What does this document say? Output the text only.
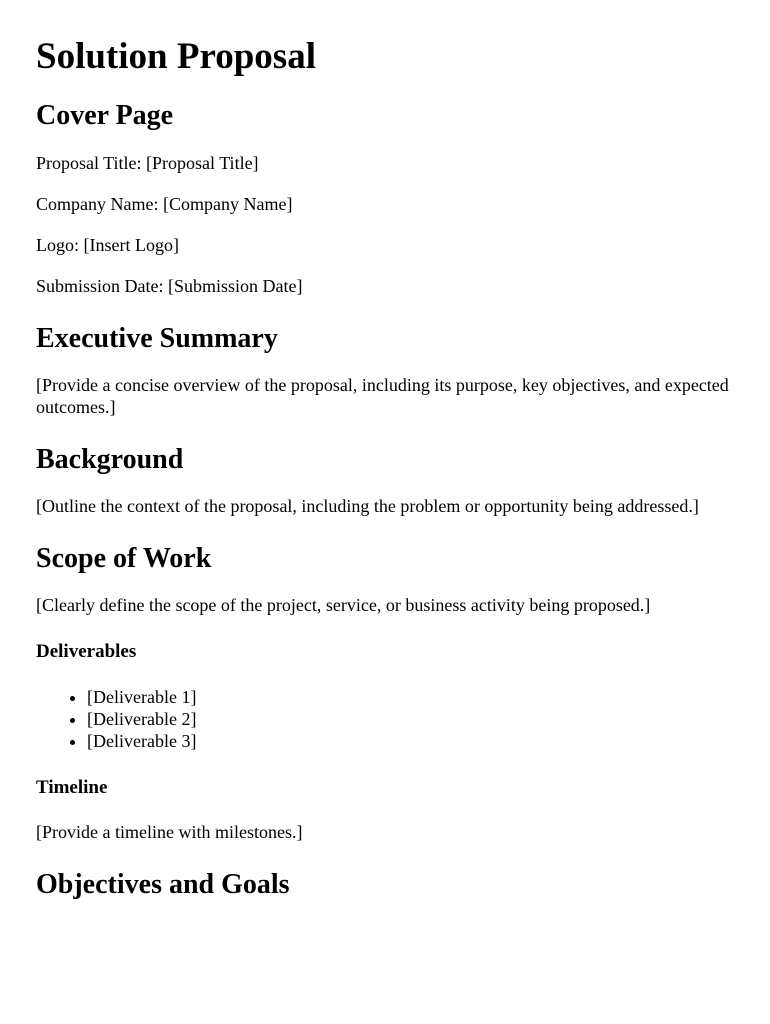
Solution Proposal
Cover Page

Proposal Title: [Proposal Title]

Company Name: [Company Name]

Logo: [Insert Logo]

Submission Date: [Submission Date]

Executive Summary

[Provide a concise overview of the proposal, including its purpose, key objectives, and expected outcomes.]

Background

[Outline the context of the proposal, including the problem or opportunity being addressed.]

Scope of Work

[Clearly define the scope of the project, service, or business activity being proposed.]

Deliverables
• [Deliverable 1]
• [Deliverable 2]
• [Deliverable 3]
Timeline

[Provide a timeline with milestones.]

Objectives and Goals
